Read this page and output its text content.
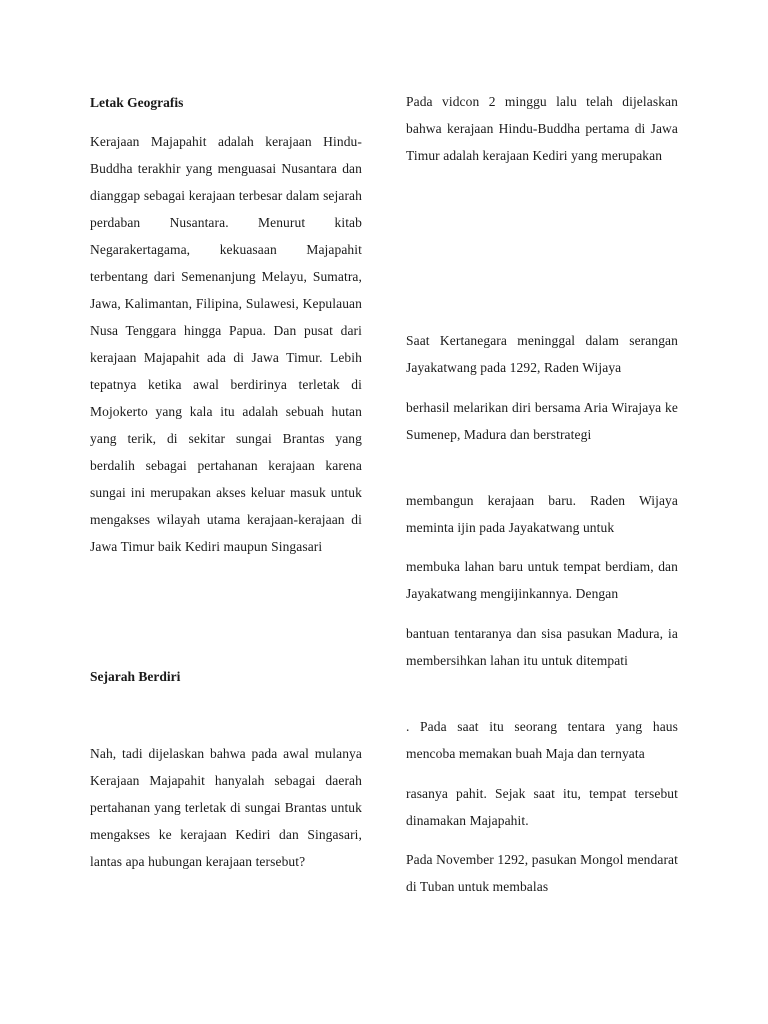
Letak Geografis

Kerajaan Majapahit adalah kerajaan Hindu-Buddha terakhir yang menguasai Nusantara dan dianggap sebagai kerajaan terbesar dalam sejarah perdaban Nusantara. Menurut kitab Negarakertagama, kekuasaan Majapahit terbentang dari Semenanjung Melayu, Sumatra, Jawa, Kalimantan, Filipina, Sulawesi, Kepulauan Nusa Tenggara hingga Papua. Dan pusat dari kerajaan Majapahit ada di Jawa Timur. Lebih tepatnya ketika awal berdirinya terletak di Mojokerto yang kala itu adalah sebuah hutan yang terik, di sekitar sungai Brantas yang berdalih sebagai pertahanan kerajaan karena sungai ini merupakan akses keluar masuk untuk mengakses wilayah utama kerajaan-kerajaan di Jawa Timur baik Kediri maupun Singasari

Sejarah Berdiri

Nah, tadi dijelaskan bahwa pada awal mulanya Kerajaan Majapahit hanyalah sebagai daerah pertahanan yang terletak di sungai Brantas untuk mengakses ke kerajaan Kediri dan Singasari, lantas apa hubungan kerajaan tersebut?

Pada vidcon 2 minggu lalu telah dijelaskan bahwa kerajaan Hindu-Buddha pertama di Jawa Timur adalah kerajaan Kediri yang merupakan

Saat Kertanegara meninggal dalam serangan Jayakatwang pada 1292, Raden Wijaya

berhasil melarikan diri bersama Aria Wirajaya ke Sumenep, Madura dan berstrategi

membangun kerajaan baru. Raden Wijaya meminta ijin pada Jayakatwang untuk

membuka lahan baru untuk tempat berdiam, dan Jayakatwang mengijinkannya. Dengan

bantuan tentaranya dan sisa pasukan Madura, ia membersihkan lahan itu untuk ditempati

. Pada saat itu seorang tentara yang haus mencoba memakan buah Maja dan ternyata

rasanya pahit. Sejak saat itu, tempat tersebut dinamakan Majapahit.

Pada November 1292, pasukan Mongol mendarat di Tuban untuk membalas
